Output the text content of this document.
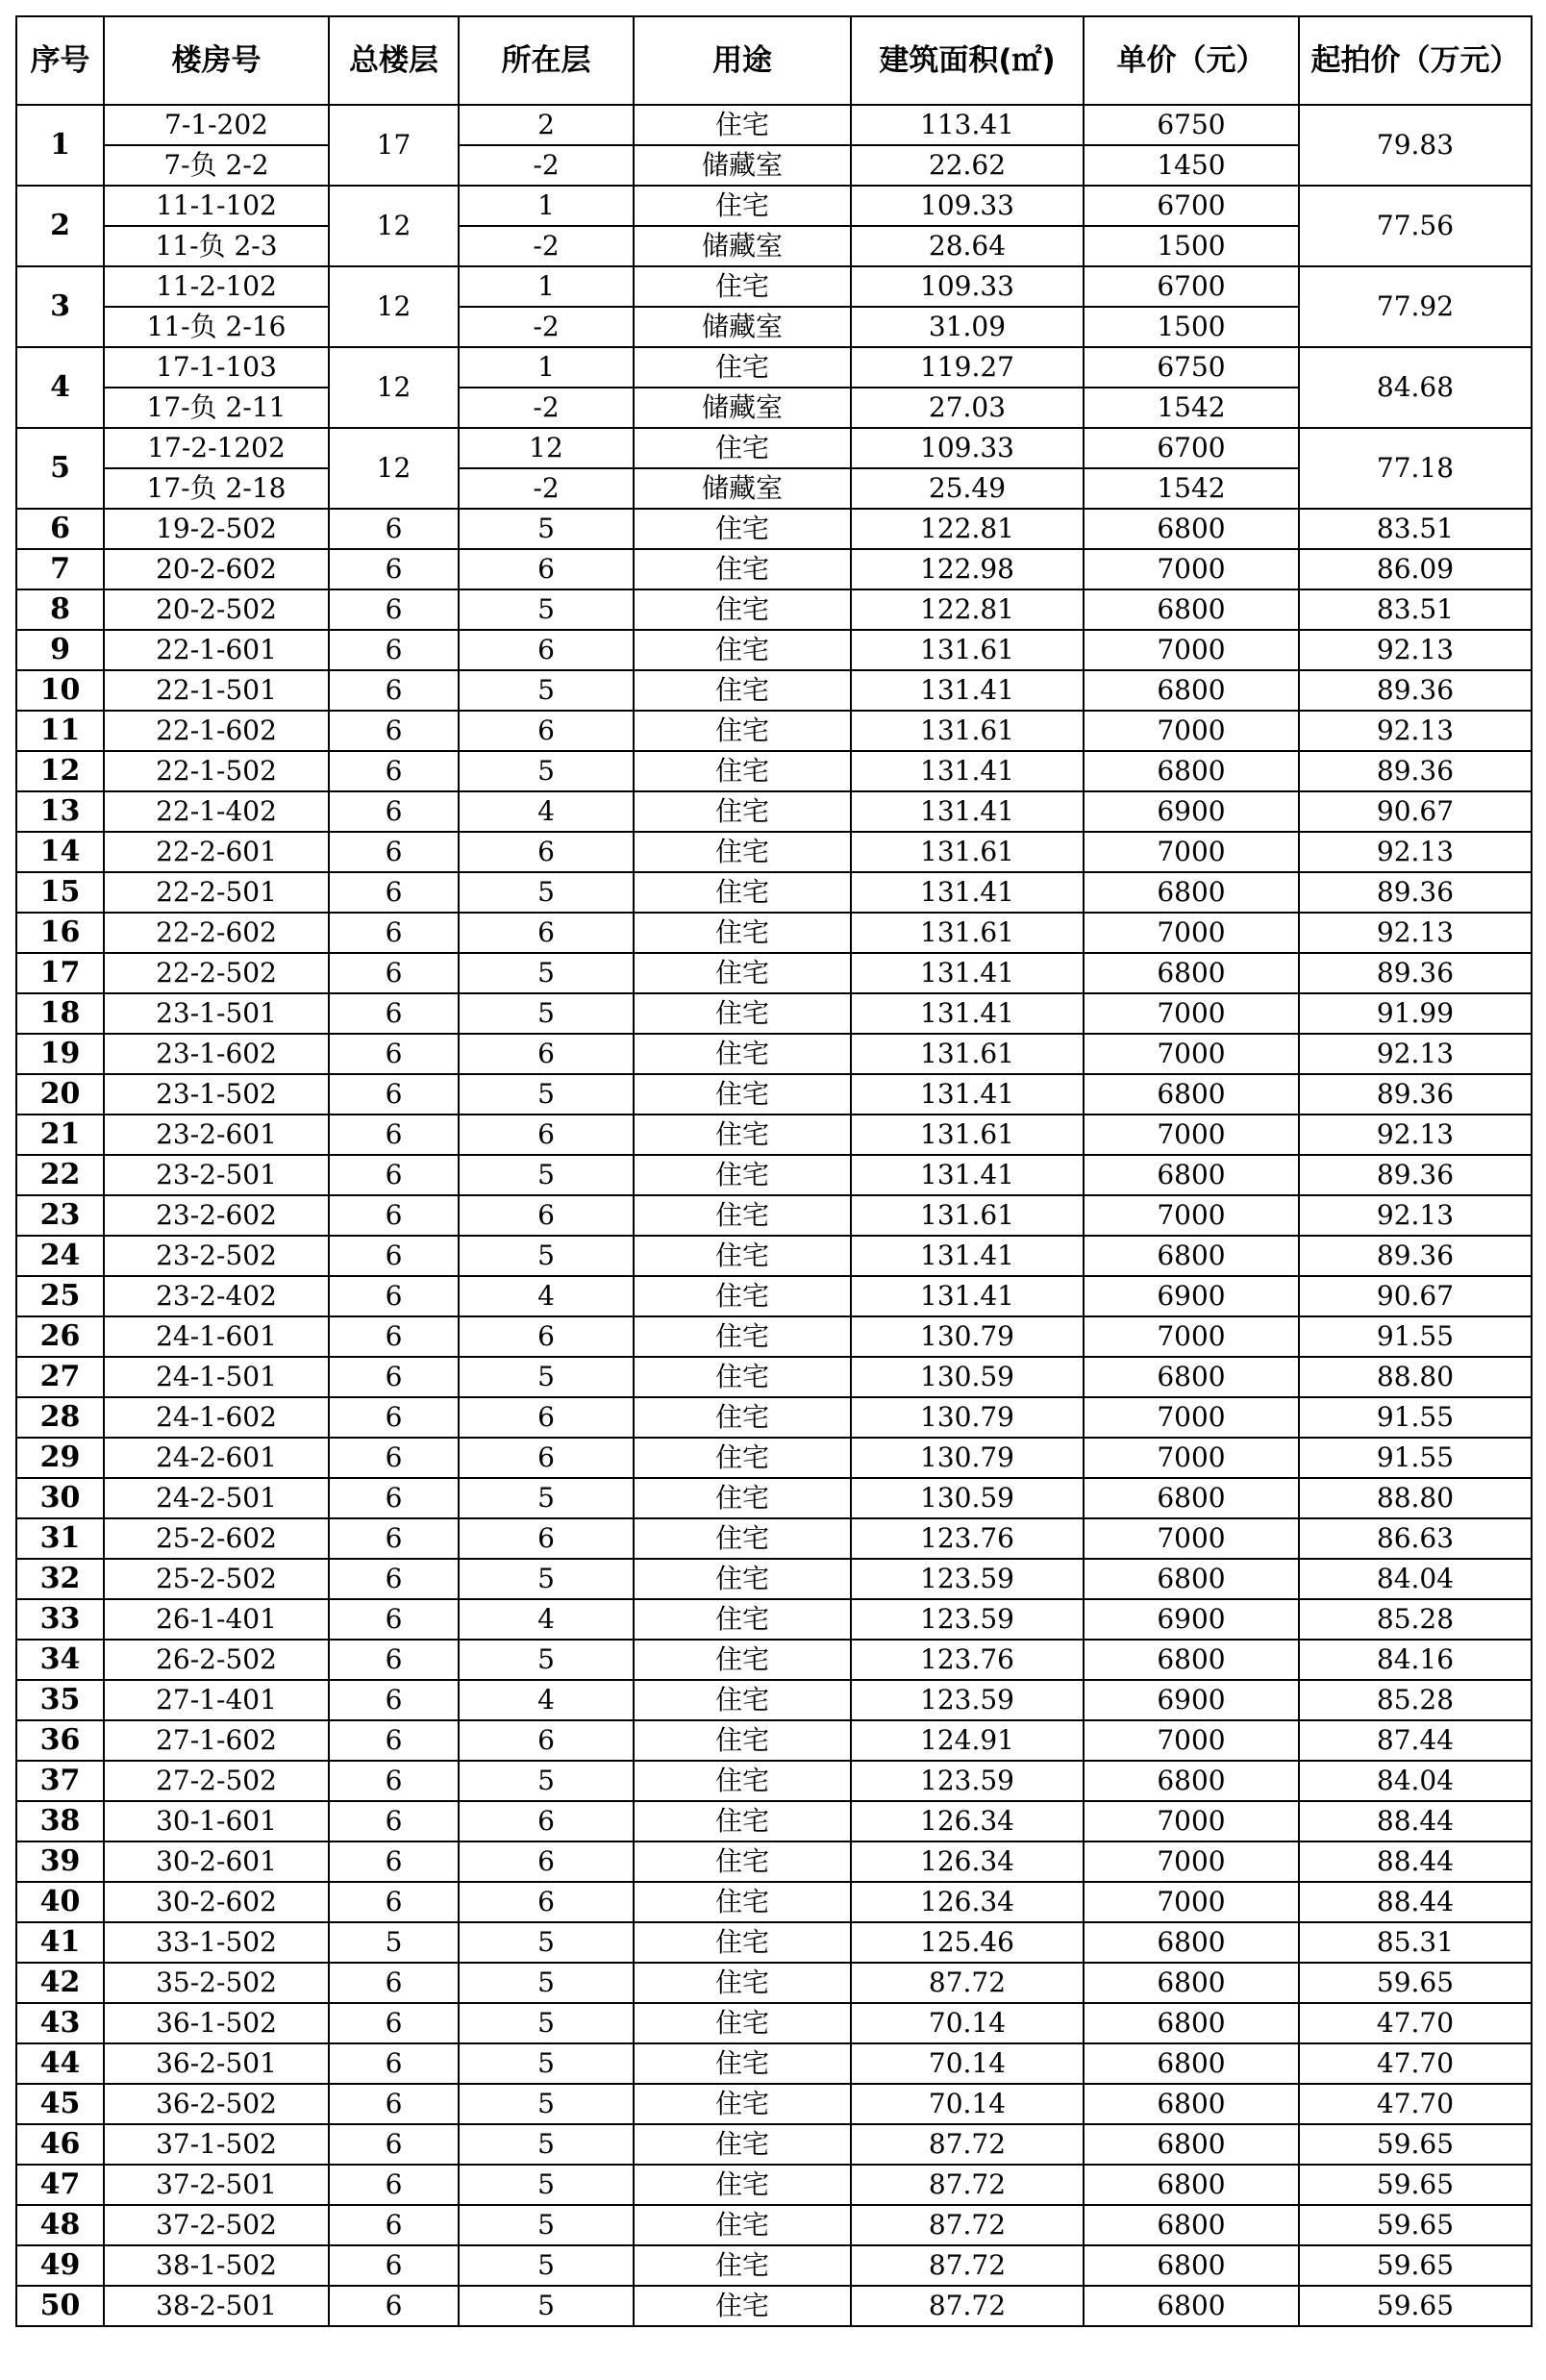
序号	楼房号	总楼层	所在层	用途	建筑面积(㎡)	单价（元）	起拍价（万元）
1	7-1-202	17	2	住宅	113.41	6750	79.83
	7-负 2-2		-2	储藏室	22.62	1450	
2	11-1-102	12	1	住宅	109.33	6700	77.56
	11-负 2-3		-2	储藏室	28.64	1500	
3	11-2-102	12	1	住宅	109.33	6700	77.92
	11-负 2-16		-2	储藏室	31.09	1500	
4	17-1-103	12	1	住宅	119.27	6750	84.68
	17-负 2-11		-2	储藏室	27.03	1542	
5	17-2-1202	12	12	住宅	109.33	6700	77.18
	17-负 2-18		-2	储藏室	25.49	1542	
6	19-2-502	6	5	住宅	122.81	6800	83.51
7	20-2-602	6	6	住宅	122.98	7000	86.09
8	20-2-502	6	5	住宅	122.81	6800	83.51
9	22-1-601	6	6	住宅	131.61	7000	92.13
10	22-1-501	6	5	住宅	131.41	6800	89.36
11	22-1-602	6	6	住宅	131.61	7000	92.13
12	22-1-502	6	5	住宅	131.41	6800	89.36
13	22-1-402	6	4	住宅	131.41	6900	90.67
14	22-2-601	6	6	住宅	131.61	7000	92.13
15	22-2-501	6	5	住宅	131.41	6800	89.36
16	22-2-602	6	6	住宅	131.61	7000	92.13
17	22-2-502	6	5	住宅	131.41	6800	89.36
18	23-1-501	6	5	住宅	131.41	7000	91.99
19	23-1-602	6	6	住宅	131.61	7000	92.13
20	23-1-502	6	5	住宅	131.41	6800	89.36
21	23-2-601	6	6	住宅	131.61	7000	92.13
22	23-2-501	6	5	住宅	131.41	6800	89.36
23	23-2-602	6	6	住宅	131.61	7000	92.13
24	23-2-502	6	5	住宅	131.41	6800	89.36
25	23-2-402	6	4	住宅	131.41	6900	90.67
26	24-1-601	6	6	住宅	130.79	7000	91.55
27	24-1-501	6	5	住宅	130.59	6800	88.80
28	24-1-602	6	6	住宅	130.79	7000	91.55
29	24-2-601	6	6	住宅	130.79	7000	91.55
30	24-2-501	6	5	住宅	130.59	6800	88.80
31	25-2-602	6	6	住宅	123.76	7000	86.63
32	25-2-502	6	5	住宅	123.59	6800	84.04
33	26-1-401	6	4	住宅	123.59	6900	85.28
34	26-2-502	6	5	住宅	123.76	6800	84.16
35	27-1-401	6	4	住宅	123.59	6900	85.28
36	27-1-602	6	6	住宅	124.91	7000	87.44
37	27-2-502	6	5	住宅	123.59	6800	84.04
38	30-1-601	6	6	住宅	126.34	7000	88.44
39	30-2-601	6	6	住宅	126.34	7000	88.44
40	30-2-602	6	6	住宅	126.34	7000	88.44
41	33-1-502	5	5	住宅	125.46	6800	85.31
42	35-2-502	6	5	住宅	87.72	6800	59.65
43	36-1-502	6	5	住宅	70.14	6800	47.70
44	36-2-501	6	5	住宅	70.14	6800	47.70
45	36-2-502	6	5	住宅	70.14	6800	47.70
46	37-1-502	6	5	住宅	87.72	6800	59.65
47	37-2-501	6	5	住宅	87.72	6800	59.65
48	37-2-502	6	5	住宅	87.72	6800	59.65
49	38-1-502	6	5	住宅	87.72	6800	59.65
50	38-2-501	6	5	住宅	87.72	6800	59.65
